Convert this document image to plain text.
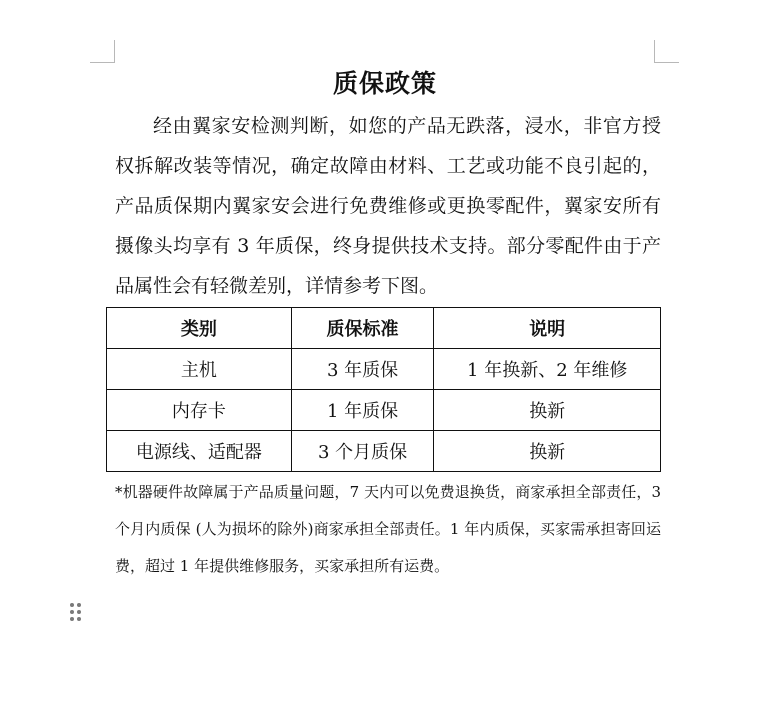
质保政策
经由翼家安检测判断，如您的产品无跌落，浸水，非官方授权拆解改装等情况，确定故障由材料、工艺或功能不良引起的，产品质保期内翼家安会进行免费维修或更换零配件，翼家安所有摄像头均享有 3 年质保，终身提供技术支持。部分零配件由于产品属性会有轻微差别，详情参考下图。
类别	质保标准	说明
主机	3 年质保	1 年换新、2 年维修
内存卡	1 年质保	换新
电源线、适配器	3 个月质保	换新
*机器硬件故障属于产品质量问题，7 天内可以免费退换货，商家承担全部责任，3 个月内质保 (人为损坏的除外)商家承担全部责任。1 年内质保，买家需承担寄回运费，超过 1 年提供维修服务，买家承担所有运费。
